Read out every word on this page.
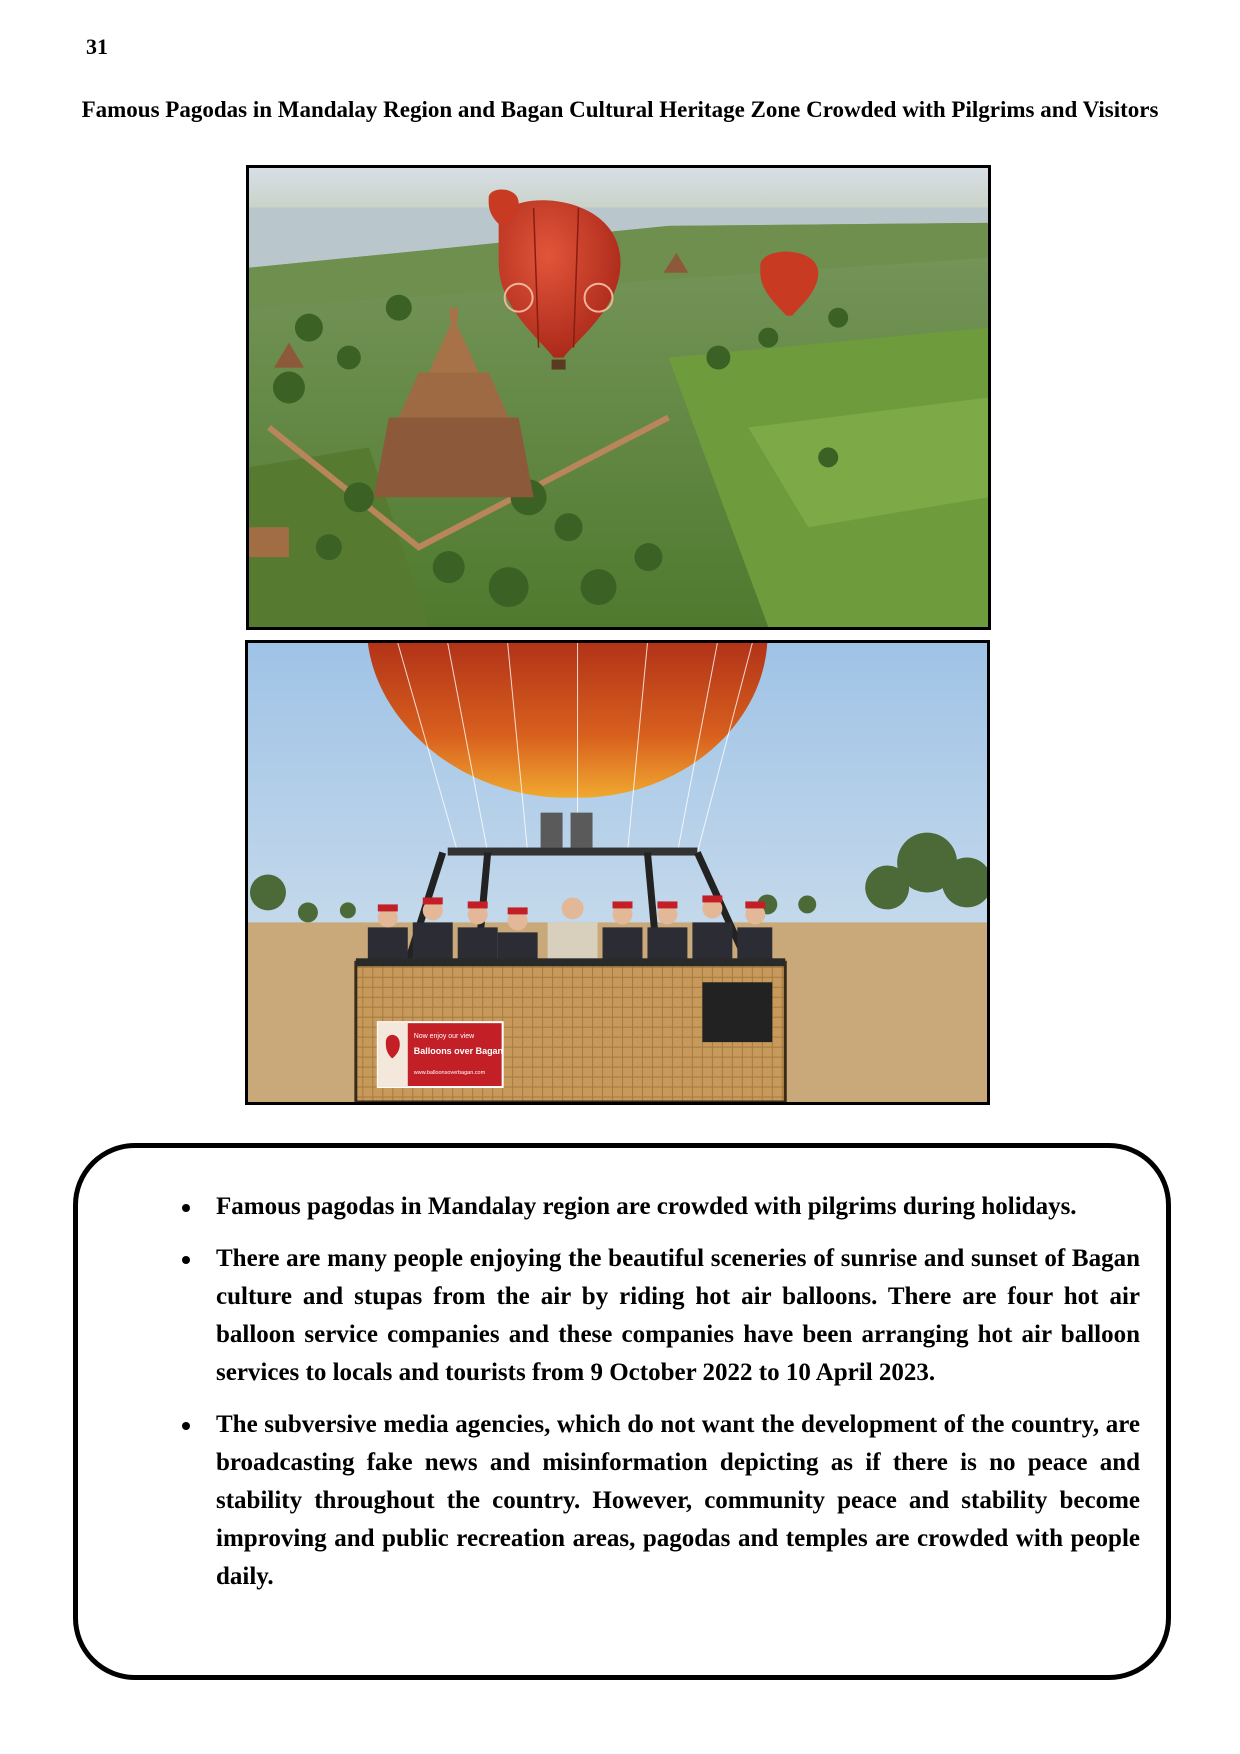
31
Famous Pagodas in Mandalay Region and Bagan Cultural Heritage Zone Crowded with Pilgrims and Visitors
Now enjoy our view
Balloons over Bagan
www.balloonsoverbagan.com
Famous pagodas in Mandalay region are crowded with pilgrims during holidays.
There are many people enjoying the beautiful sceneries of sunrise and sunset of Bagan culture and stupas from the air by riding hot air balloons. There are four hot air balloon service companies and these companies have been arranging hot air balloon services to locals and tourists from 9 October 2022 to 10 April 2023.
The subversive media agencies, which do not want the development of the country, are broadcasting fake news and misinformation depicting as if there is no peace and stability throughout the country. However, community peace and stability become improving and public recreation areas, pagodas and temples are crowded with people daily.
